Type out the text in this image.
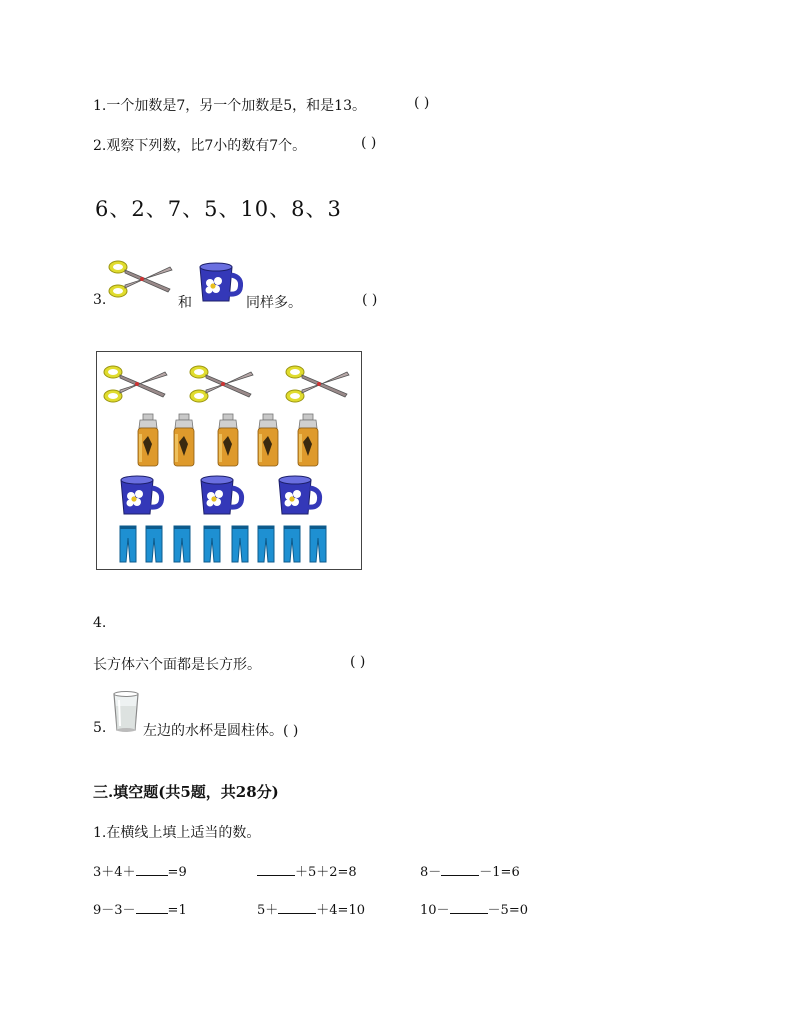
1.一个加数是7，另一个加数是5，和是13。	( )
2.观察下列数，比7小的数有7个。	( )
6、2、7、5、10、8、3
3.	和	同样多。	( )
4.
长方体六个面都是长方形。	( )
5.	左边的水杯是圆柱体。( )
三.填空题(共5题，共28分)
1.在横线上填上适当的数。
3＋4＋ =9	＋5＋2=8	8－	－1=6
9－3－ =1	5＋	＋4=10	10－	－5=0
